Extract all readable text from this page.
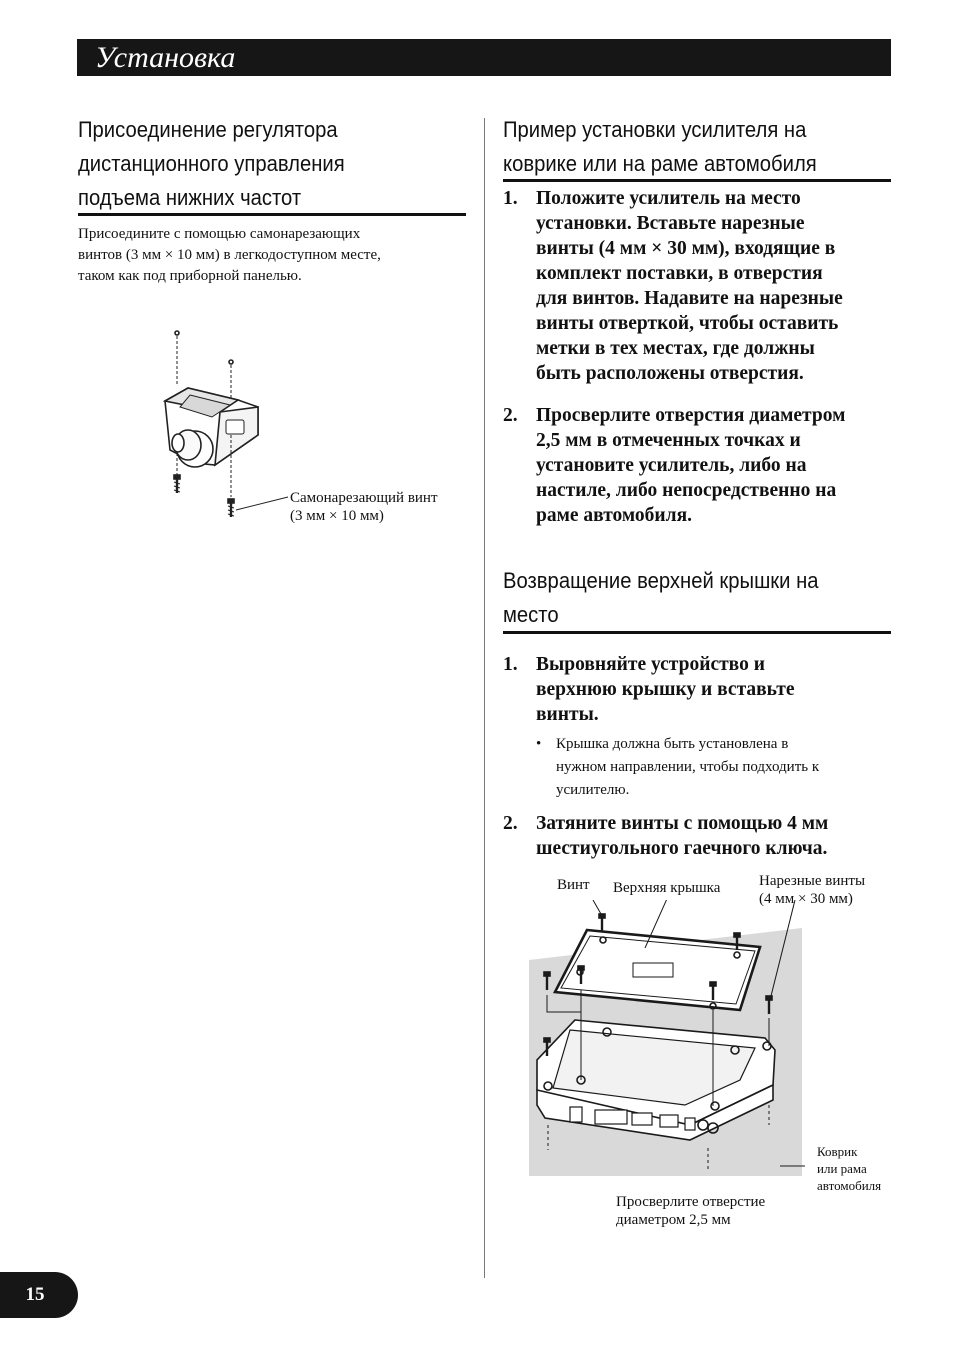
Установка
Присоединение регулятора
дистанционного управления
подъема нижних частот
Присоедините с помощью самонарезающих
винтов (3 мм × 10 мм) в легкодоступном месте,
таком как под приборной панелью.
Самонарезающий винт
(3 мм × 10 мм)
Пример установки усилителя на
коврике или на раме автомобиля
1. Положите усилитель на место
установки. Вставьте нарезные
винты (4 мм × 30 мм), входящие в
комплект поставки, в отверстия
для винтов. Надавите на нарезные
винты отверткой, чтобы оставить
метки в тех местах, где должны
быть расположены отверстия.
2. Просверлите отверстия диаметром
2,5 мм в отмеченных точках и
установите усилитель, либо на
настиле, либо непосредственно на
раме автомобиля.
Возвращение верхней крышки на
место
1. Выровняйте устройство и
верхнюю крышку и вставьте
винты.
• Крышка должна быть установлена в
нужном направлении, чтобы подходить к
усилителю.
2. Затяните винты с помощью 4 мм
шестиугольного гаечного ключа.
Винт Верхняя крышка	Нарезные винты
(4 мм × 30 мм)
Коврик
или рама
автомобиля
Просверлите отверстие
диаметром 2,5 мм
15
